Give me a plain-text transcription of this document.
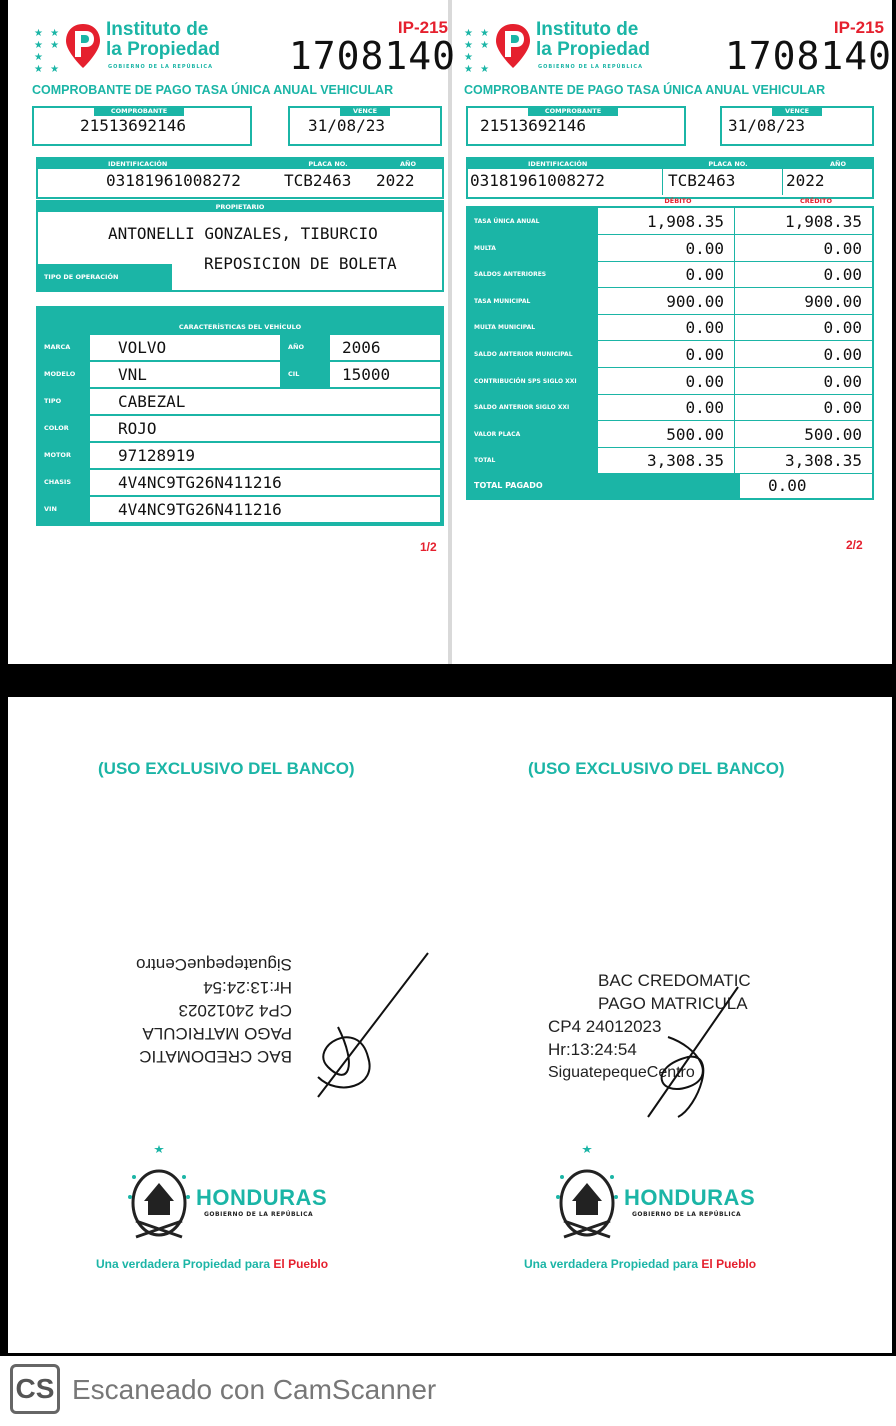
★ ★
★ ★ ★
★ ★
Instituto de
la Propiedad
GOBIERNO DE LA REPÚBLICA
IP-215
1708140
COMPROBANTE DE PAGO TASA ÚNICA ANUAL VEHICULAR
COMPROBANTE
21513692146
VENCE
31/08/23
IDENTIFICACIÓN	PLACA NO.	AÑO
03181961008272	TCB2463 2022
PROPIETARIO
ANTONELLI GONZALES, TIBURCIO
REPOSICION DE BOLETA
TIPO DE OPERACIÓN
CARACTERÍSTICAS DEL VEHÍCULO
MARCA	VOLVO
MODELO	VNL
TIPO	CABEZAL
COLOR	ROJO
MOTOR	97128919
CHASIS	4V4NC9TG26N411216
VIN	4V4NC9TG26N411216
AÑO	2006
CIL	15000
1/2
★ ★
★ ★ ★
★ ★
Instituto de
la Propiedad
GOBIERNO DE LA REPÚBLICA
IP-215
1708140
COMPROBANTE DE PAGO TASA ÚNICA ANUAL VEHICULAR
COMPROBANTE
21513692146
VENCE
31/08/23
IDENTIFICACIÓN	PLACA NO.	AÑO
03181961008272	TCB2463	2022
DÉBITO	CRÉDITO
TASA ÚNICA ANUAL	1,908.35	1,908.35
MULTA	0.00	0.00
SALDOS ANTERIORES	0.00	0.00
TASA MUNICIPAL	900.00	900.00
MULTA MUNICIPAL	0.00	0.00
SALDO ANTERIOR MUNICIPAL	0.00	0.00
CONTRIBUCIÓN SPS SIGLO XXI	0.00	0.00
SALDO ANTERIOR SIGLO XXI	0.00	0.00
VALOR PLACA	500.00	500.00
TOTAL	3,308.35	3,308.35
TOTAL PAGADO	0.00
2/2
(USO EXCLUSIVO DEL BANCO)	(USO EXCLUSIVO DEL BANCO)
BAC CREDOMATIC
PAGO MATRICULA
CP4 24012023
Hr:13:24:54
SiguatepequeCentro
BAC CREDOMATIC
PAGO MATRICULA
CP4 24012023
Hr:13:24:54
SiguatepequeCentro
HONDURAS
GOBIERNO DE LA REPÚBLICA
Una verdadera Propiedad para El Pueblo
HONDURAS
GOBIERNO DE LA REPÚBLICA
Una verdadera Propiedad para El Pueblo
CS Escaneado con CamScanner
